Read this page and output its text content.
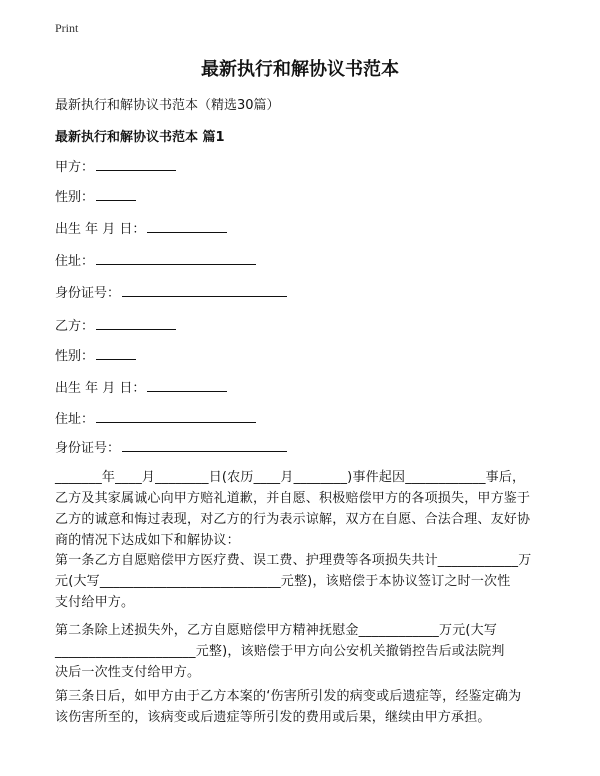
Print
最新执行和解协议书范本
最新执行和解协议书范本（精选30篇）
最新执行和解协议书范本 篇1
甲方：
性别：
出生 年 月 日：
住址：
身份证号：
乙方：
性别：
出生 年 月 日：
住址：
身份证号：

_______年____月________日(农历____月________)事件起因____________事后，

乙方及其家属诚心向甲方赔礼道歉，并自愿、积极赔偿甲方的各项损失，甲方鉴于

乙方的诚意和悔过表现，对乙方的行为表示谅解，双方在自愿、合法合理、友好协

商的情况下达成如下和解协议：

第一条乙方自愿赔偿甲方医疗费、误工费、护理费等各项损失共计____________万

元(大写___________________________元整)，该赔偿于本协议签订之时一次性

支付给甲方。

第二条除上述损失外，乙方自愿赔偿甲方精神抚慰金____________万元(大写

_____________________元整)，该赔偿于甲方向公安机关撤销控告后或法院判

决后一次性支付给甲方。

第三条日后，如甲方由于乙方本案的‘伤害所引发的病变或后遗症等，经鉴定确为

该伤害所至的，该病变或后遗症等所引发的费用或后果，继续由甲方承担。
